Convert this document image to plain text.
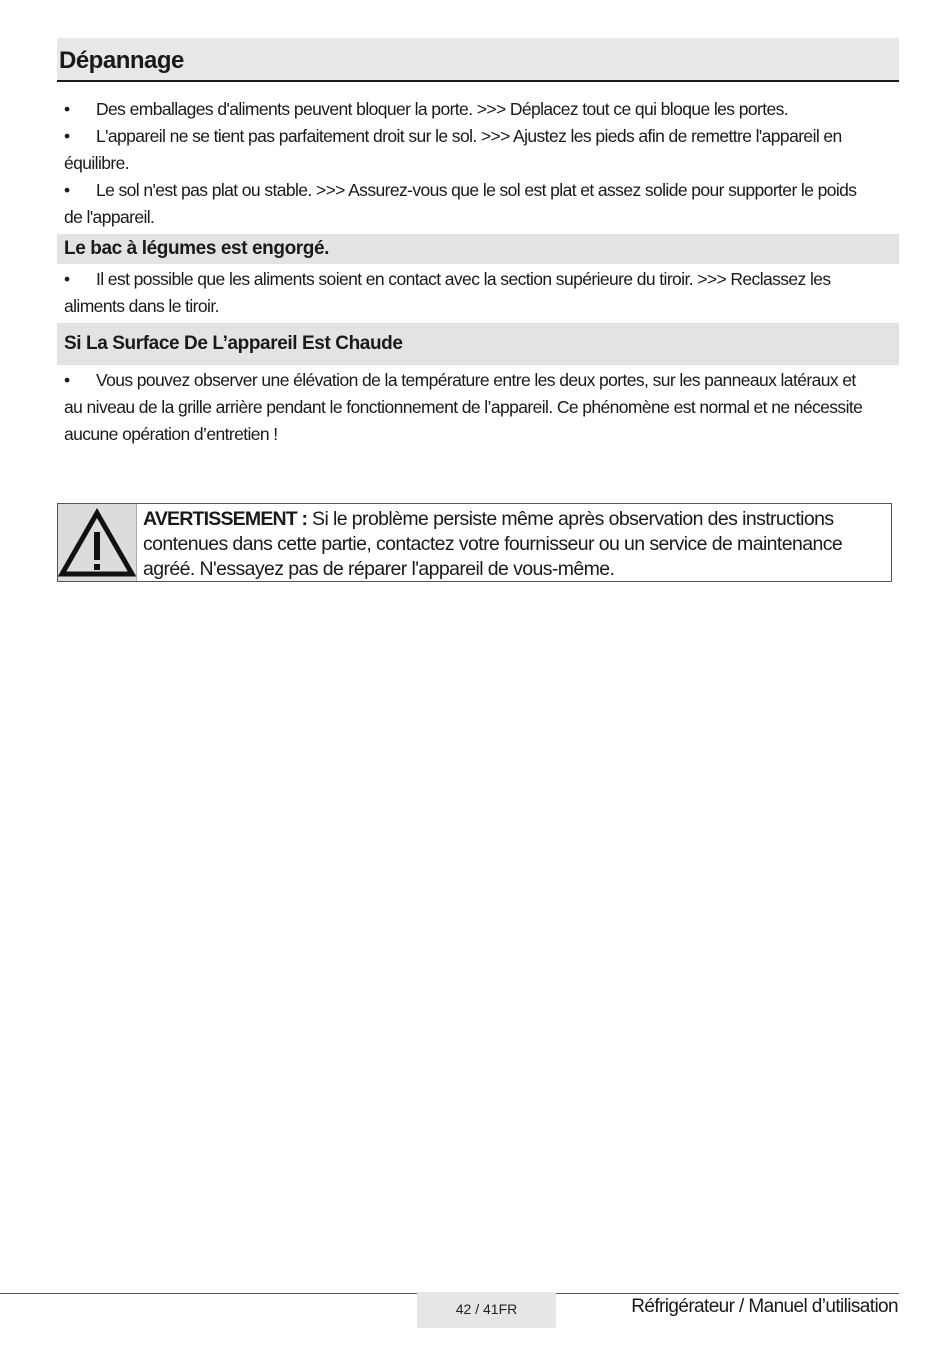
Dépannage

• Des emballages d'aliments peuvent bloquer la porte. >>> Déplacez tout ce qui bloque les portes.

• L'appareil ne se tient pas parfaitement droit sur le sol. >>> Ajustez les pieds afin de remettre l'appareil en équilibre.

• Le sol n'est pas plat ou stable. >>> Assurez-vous que le sol est plat et assez solide pour supporter le poids de l'appareil.

Le bac à légumes est engorgé.

• Il est possible que les aliments soient en contact avec la section supérieure du tiroir. >>> Reclassez les aliments dans le tiroir.

Si La Surface De L’appareil Est Chaude

• Vous pouvez observer une élévation de la température entre les deux portes, sur les panneaux latéraux et au niveau de la grille arrière pendant le fonctionnement de l’appareil. Ce phénomène est normal et ne nécessite aucune opération d’entretien !

AVERTISSEMENT : Si le problème persiste même après observation des instructions contenues dans cette partie, contactez votre fournisseur ou un service de maintenance agréé. N'essayez pas de réparer l'appareil de vous-même.
42 / 41FR	Réfrigérateur / Manuel d’utilisation
